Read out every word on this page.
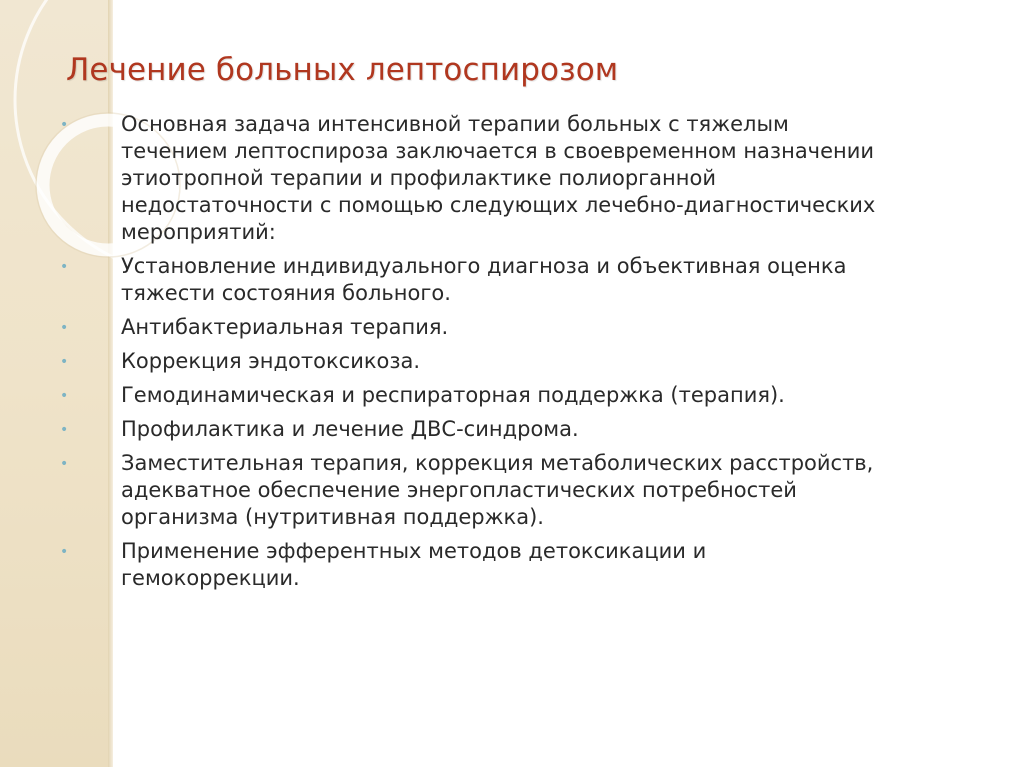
Лечение больных лептоспирозом
•	Основная задача интенсивной терапии больных с тяжелым
течением лептоспироза заключается в своевременном назначении
этиотропной терапии и профилактике полиорганной
недостаточности с помощью следующих лечебно-диагностических
мероприятий:
•	Установление индивидуального диагноза и объективная оценка
тяжести состояния больного.
•	Антибактериальная терапия.
•	Коррекция эндотоксикоза.
•	Гемодинамическая и респираторная поддержка (терапия).
•	Профилактика и лечение ДВС-синдрома.
•	Заместительная терапия, коррекция метаболических расстройств,
адекватное обеспечение энергопластических потребностей
организма (нутритивная поддержка).
•	Применение эфферентных методов детоксикации и
гемокоррекции.
